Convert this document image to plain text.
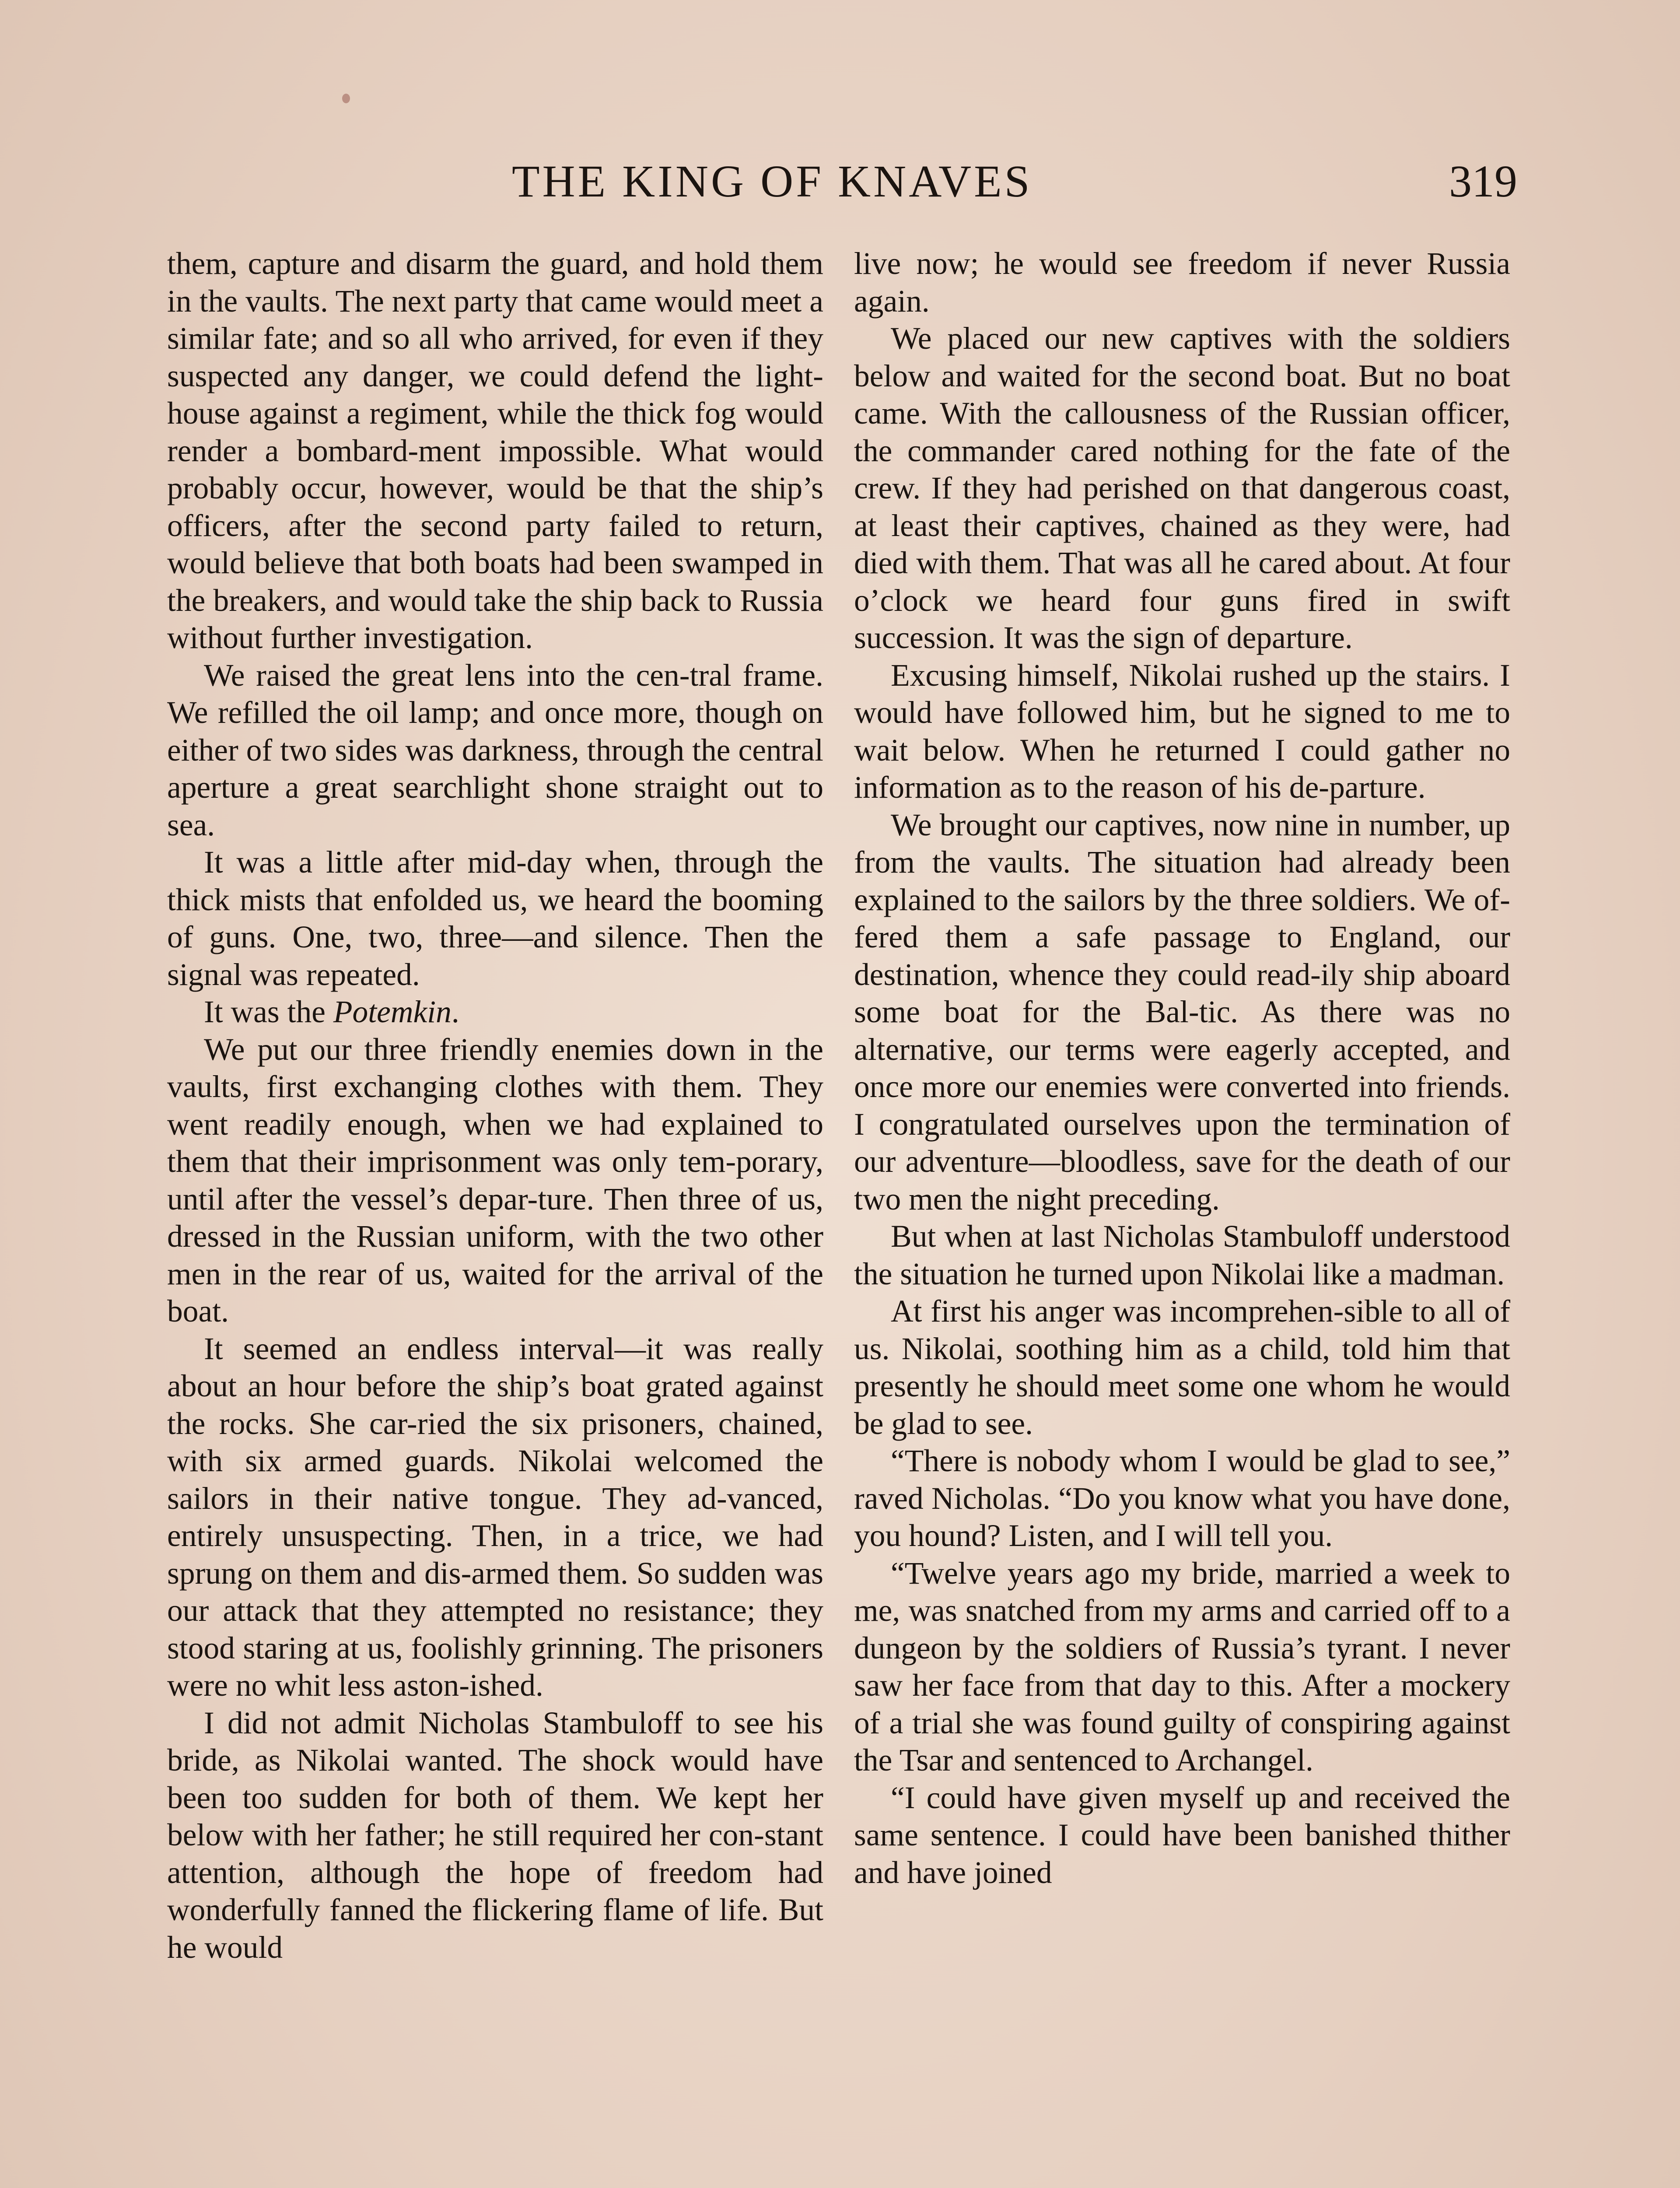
THE KING OF KNAVES	319

them, capture and disarm the guard, and hold them in the vaults. The next party that came would meet a similar fate; and so all who arrived, for even if they suspected any danger, we could defend the light-house against a regiment, while the thick fog would render a bombard-ment impossible. What would probably occur, however, would be that the ship’s officers, after the second party failed to return, would believe that both boats had been swamped in the breakers, and would take the ship back to Russia without further investigation.

We raised the great lens into the cen-tral frame. We refilled the oil lamp; and once more, though on either of two sides was darkness, through the central aperture a great searchlight shone straight out to sea.

It was a little after mid-day when, through the thick mists that enfolded us, we heard the booming of guns. One, two, three—and silence. Then the signal was repeated.

It was the Potemkin.

We put our three friendly enemies down in the vaults, first exchanging clothes with them. They went readily enough, when we had explained to them that their imprisonment was only tem-porary, until after the vessel’s depar-ture. Then three of us, dressed in the Russian uniform, with the two other men in the rear of us, waited for the arrival of the boat.

It seemed an endless interval—it was really about an hour before the ship’s boat grated against the rocks. She car-ried the six prisoners, chained, with six armed guards. Nikolai welcomed the sailors in their native tongue. They ad-vanced, entirely unsuspecting. Then, in a trice, we had sprung on them and dis-armed them. So sudden was our attack that they attempted no resistance; they stood staring at us, foolishly grinning. The prisoners were no whit less aston-ished.

I did not admit Nicholas Stambuloff to see his bride, as Nikolai wanted. The shock would have been too sudden for both of them. We kept her below with her father; he still required her con-stant attention, although the hope of freedom had wonderfully fanned the flickering flame of life. But he would

live now; he would see freedom if never Russia again.

We placed our new captives with the soldiers below and waited for the second boat. But no boat came. With the callousness of the Russian officer, the commander cared nothing for the fate of the crew. If they had perished on that dangerous coast, at least their captives, chained as they were, had died with them. That was all he cared about. At four o’clock we heard four guns fired in swift succession. It was the sign of departure.

Excusing himself, Nikolai rushed up the stairs. I would have followed him, but he signed to me to wait below. When he returned I could gather no information as to the reason of his de-parture.

We brought our captives, now nine in number, up from the vaults. The situation had already been explained to the sailors by the three soldiers. We of-fered them a safe passage to England, our destination, whence they could read-ily ship aboard some boat for the Bal-tic. As there was no alternative, our terms were eagerly accepted, and once more our enemies were converted into friends. I congratulated ourselves upon the termination of our adventure—bloodless, save for the death of our two men the night preceding.

But when at last Nicholas Stambuloff understood the situation he turned upon Nikolai like a madman.

At first his anger was incomprehen-sible to all of us. Nikolai, soothing him as a child, told him that presently he should meet some one whom he would be glad to see.

“There is nobody whom I would be glad to see,” raved Nicholas. “Do you know what you have done, you hound? Listen, and I will tell you.

“Twelve years ago my bride, married a week to me, was snatched from my arms and carried off to a dungeon by the soldiers of Russia’s tyrant. I never saw her face from that day to this. After a mockery of a trial she was found guilty of conspiring against the Tsar and sentenced to Archangel.

“I could have given myself up and received the same sentence. I could have been banished thither and have joined
